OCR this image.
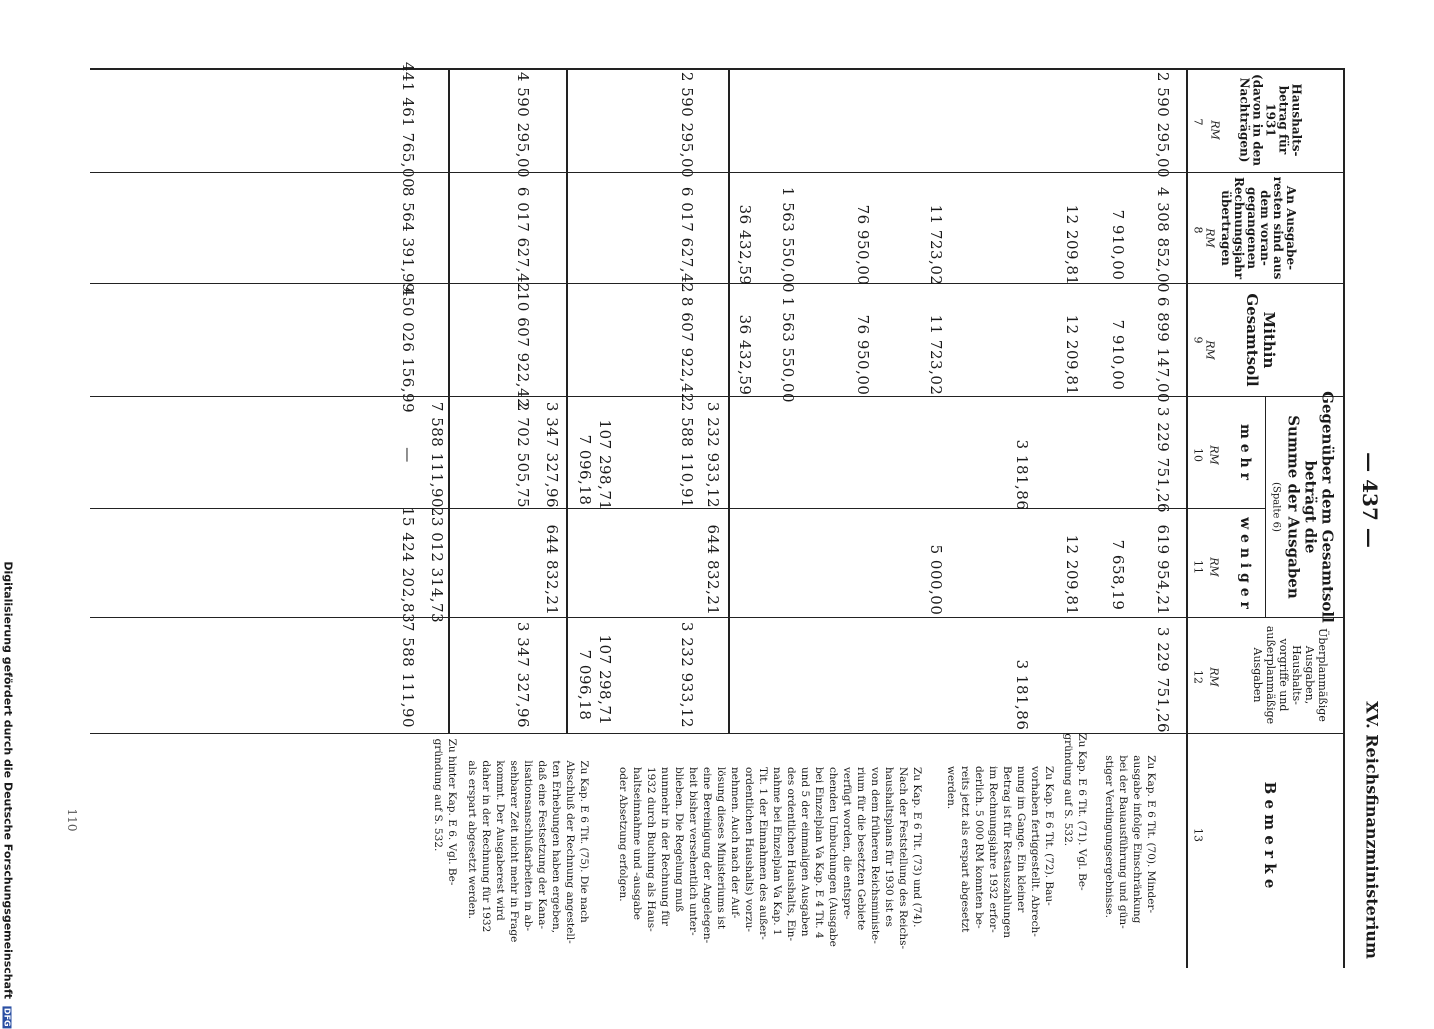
— 437 —
XV. Reichsfinanzministerium
Haushalts-
betrag für
1931
(davon in den
Nachträgen)
RM
7
An Ausgabe-
resten sind aus
dem voran-
gegangenen
Rechnungsjahr
übertragen
RM
8
Mithin
Gesamtsoll
RM
9
Gegenüber dem Gesamtsoll
beträgt die
Summe der Ausgaben
(Spalte 6)
m e h r
RM
10
w e n i g e r
RM
11
Überplanmäßige
Ausgaben,
Haushalts-
vorgriffe und
außerplanmäßige
Ausgaben
RM
12
B e m e r k e
13
2 590 295,00
4 308 852,00
6 899 147,00
3 229 751,26
619 954,21
3 229 751,26
7 910,00
7 910,00
7 658,19
12 209,81
12 209,81
12 209,81
3 181,86
3 181,86
11 723,02
11 723,02
5 000,00
76 950,00
76 950,00
1 563 550,00
1 563 550,00
36 432,59
36 432,59
3 232 933,12
644 832,21
2 590 295,00
6 017 627,42
8 607 922,42
2 588 110,91
3 232 933,12
107 298,71
7 096,18
107 298,71
7 096,18
3 347 327,96
644 832,21
4 590 295,00
6 017 627,42
10 607 922,42
2 702 505,75
3 347 327,96
7 588 111,90
23 012 314,73
441 461 765,00
8 564 391,99
450 026 156,99
—
15 424 202,83
7 588 111,90
Zu Kap. E 6 Tit. (70). Minder-
ausgabe infolge Einschränkung
bei der Bauausführung und gün-
stiger Verdingungsergebnisse.
Zu Kap. E 6 Tit. (71). Vgl. Be-
gründung auf S. 532.
Zu Kap. E 6 Tit. (72). Bau-
vorhaben fertiggestellt. Abrech-
nung im Gange. Ein kleiner
Betrag ist für Restauszahlungen
im Rechnungsjahre 1932 erfor-
derlich. 5 000 RM konnten be-
reits jetzt als erspart abgesetzt
werden.
Zu Kap. E 6 Tit. (73) und (74).
Nach der Feststellung des Reichs-
haushaltsplans für 1930 ist es
von dem früheren Reichsministe-
rium für die besetzten Gebiete
verfügt worden, die entspre-
chenden Umbuchungen (Ausgabe
bei Einzelplan Va Kap. E 4 Tit. 4
und 5 der einmaligen Ausgaben
des ordentlichen Haushalts, Ein-
nahme bei Einzelplan Va Kap. 1
Tit. 1 der Einnahmen des außer-
ordentlichen Haushalts) vorzu-
nehmen. Auch nach der Auf-
lösung dieses Ministeriums ist
eine Bereinigung der Angelegen-
heit bisher versehentlich unter-
blieben. Die Regelung muß
nunmehr in der Rechnung für
1932 durch Buchung als Haus-
haltseinnahme und -ausgabe
oder Absetzung erfolgen.
Zu Kap. E 6 Tit. (75). Die nach
Abschluß der Rechnung angestell-
ten Erhebungen haben ergeben,
daß eine Festsetzung der Kana-
lisationsanschlußarbeiten in ab-
sehbarer Zeit nicht mehr in Frage
kommt. Der Ausgaberest wird
daher in der Rechnung für 1932
als erspart abgesetzt werden.
Zu hinter Kap. E 6. Vgl. Be-
gründung auf S. 532.
110
Digitalisierung gefördert durch die Deutsche Forschungsgemeinschaft DFG
